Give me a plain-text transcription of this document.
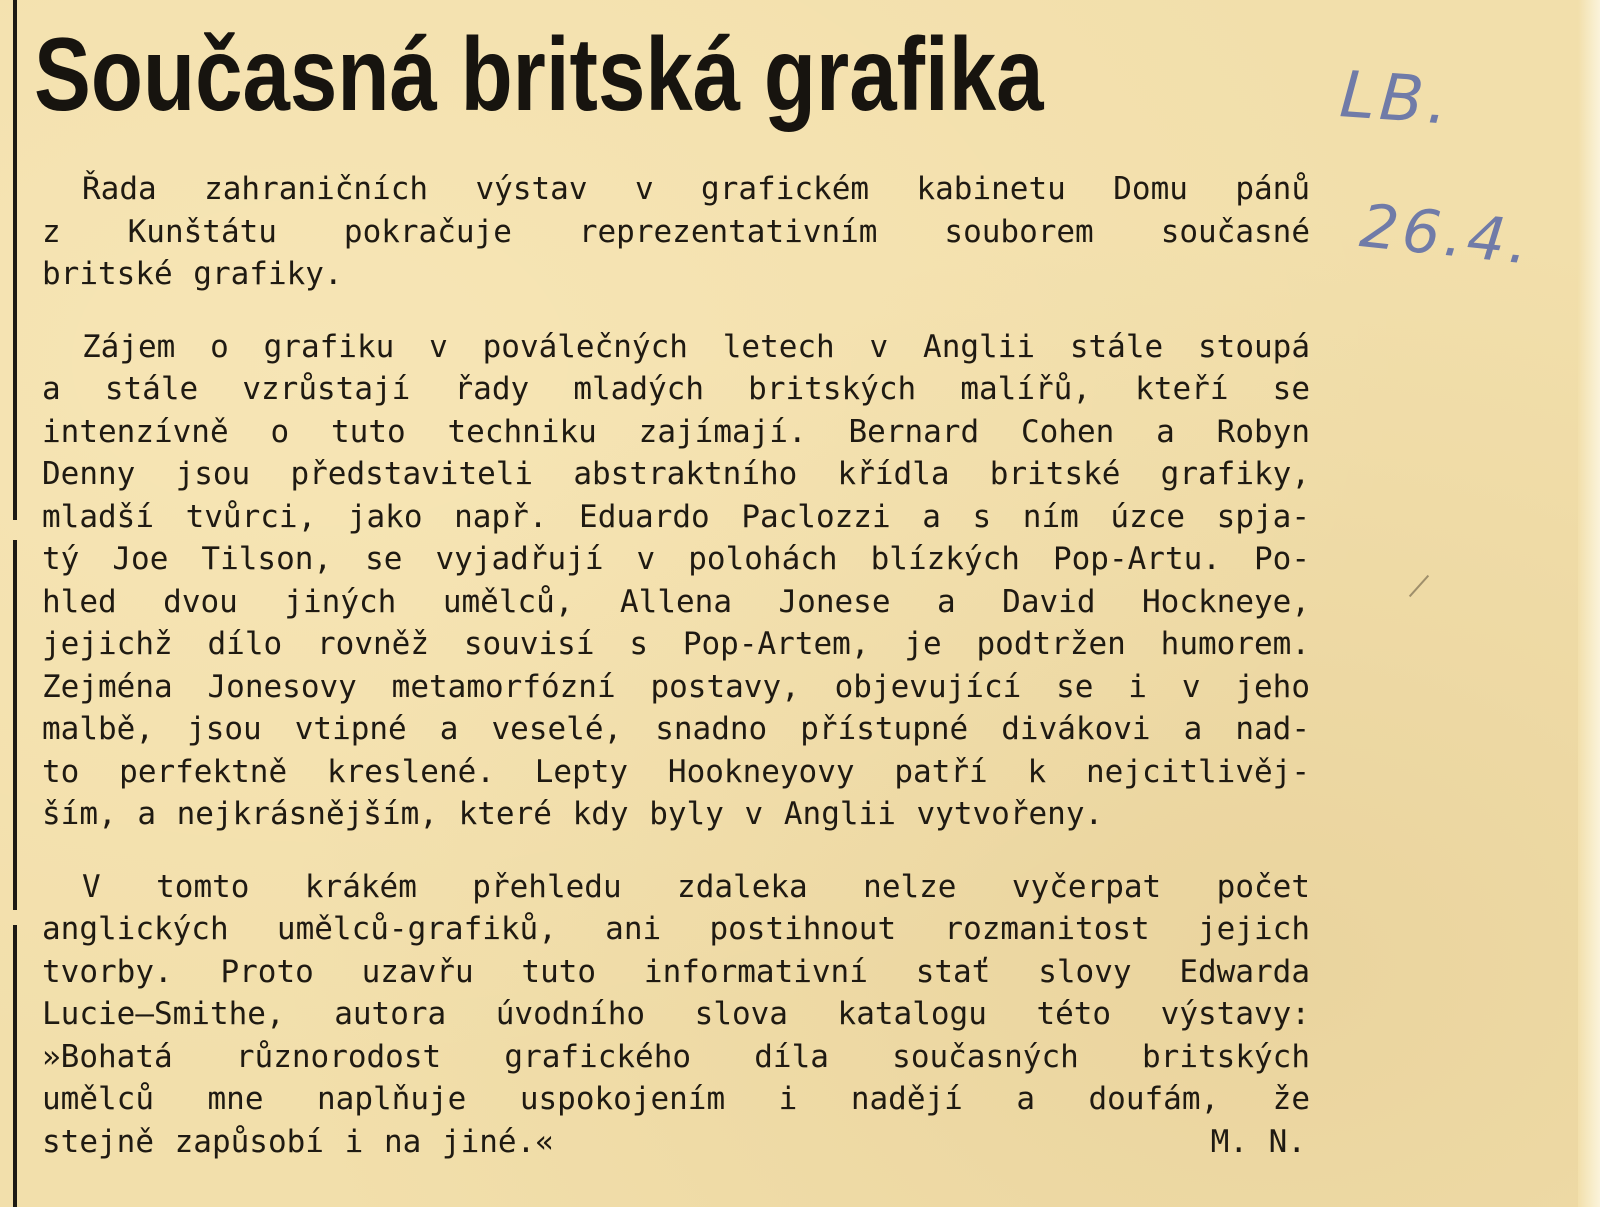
Současná britská grafika	LB.
26.4.

Řada zahraničních výstav v grafickém kabinetu Domu pánů
z Kunštátu pokračuje reprezentativním souborem současné
britské grafiky.

Zájem o grafiku v poválečných letech v Anglii stále stoupá
a stále vzrůstají řady mladých britských malířů, kteří se
intenzívně o tuto techniku zajímají. Bernard Cohen a Robyn
Denny jsou představiteli abstraktního křídla britské grafiky,
mladší tvůrci, jako např. Eduardo Paclozzi a s ním úzce spja-
tý Joe Tilson, se vyjadřují v polohách blízkých Pop-Artu. Po-
hled dvou jiných umělců, Allena Jonese a David Hockneye,
jejichž dílo rovněž souvisí s Pop-Artem, je podtržen humorem.
Zejména Jonesovy metamorfózní postavy, objevující se i v jeho
malbě, jsou vtipné a veselé, snadno přístupné divákovi a nad-
to perfektně kreslené. Lepty Hookneyovy patří k nejcitlivěj-
ším, a nejkrásnějším, které kdy byly v Anglii vytvořeny.

V tomto krákém přehledu zdaleka nelze vyčerpat počet
anglických umělců-grafiků, ani postihnout rozmanitost jejich
tvorby. Proto uzavřu tuto informativní stať slovy Edwarda
Lucie—Smithe, autora úvodního slova katalogu této výstavy:
»Bohatá různorodost grafického díla současných britských
umělců mne naplňuje uspokojením i nadějí a doufám, že
stejně zapůsobí i na jiné.«	M. N.
